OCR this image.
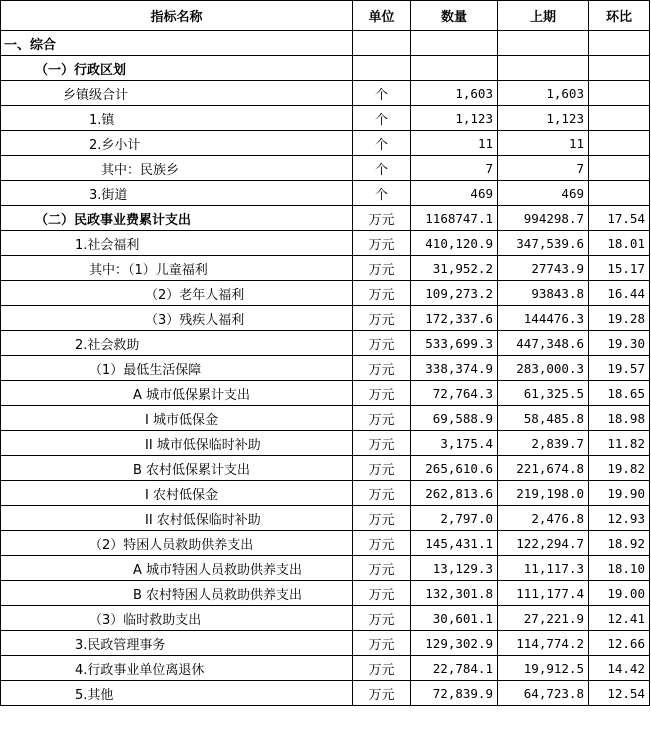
指标名称	单位	数量	上期	环比
一、综合				
（一）行政区划				
乡镇级合计	个	1,603	1,603	
1.镇	个	1,123	1,123	
2.乡小计	个	11	11	
其中：民族乡	个	7	7	
3.街道	个	469	469	
（二）民政事业费累计支出	万元	1168747.1	994298.7	17.54
1.社会福利	万元	410,120.9	347,539.6	18.01
其中：（1）儿童福利	万元	31,952.2	27743.9	15.17
（2）老年人福利	万元	109,273.2	93843.8	16.44
（3）残疾人福利	万元	172,337.6	144476.3	19.28
2.社会救助	万元	533,699.3	447,348.6	19.30
（1）最低生活保障	万元	338,374.9	283,000.3	19.57
A 城市低保累计支出	万元	72,764.3	61,325.5	18.65
I 城市低保金	万元	69,588.9	58,485.8	18.98
II 城市低保临时补助	万元	3,175.4	2,839.7	11.82
B 农村低保累计支出	万元	265,610.6	221,674.8	19.82
I 农村低保金	万元	262,813.6	219,198.0	19.90
II 农村低保临时补助	万元	2,797.0	2,476.8	12.93
（2）特困人员救助供养支出	万元	145,431.1	122,294.7	18.92
A 城市特困人员救助供养支出	万元	13,129.3	11,117.3	18.10
B 农村特困人员救助供养支出	万元	132,301.8	111,177.4	19.00
（3）临时救助支出	万元	30,601.1	27,221.9	12.41
3.民政管理事务	万元	129,302.9	114,774.2	12.66
4.行政事业单位离退休	万元	22,784.1	19,912.5	14.42
5.其他	万元	72,839.9	64,723.8	12.54
